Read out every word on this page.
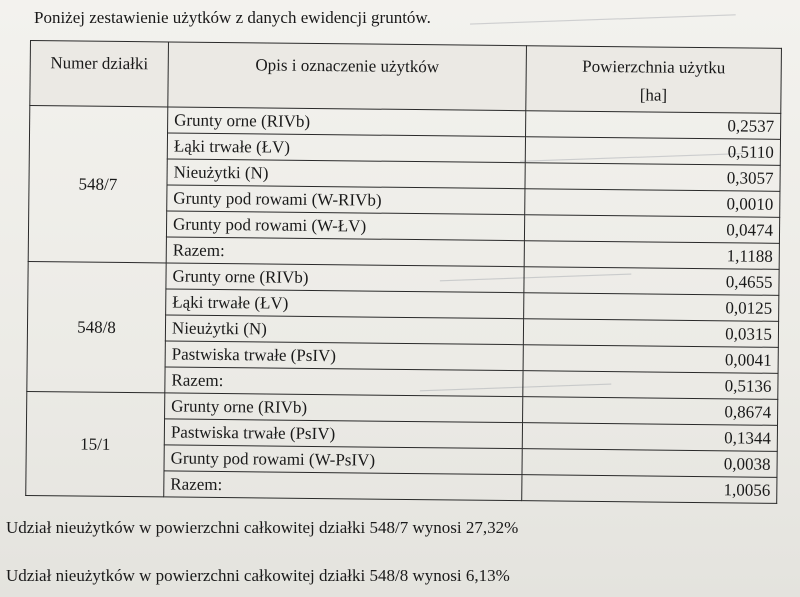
─────────────────────────
─────────────────────
──────────────────
──────────────────
Poniżej zestawienie użytków z danych ewidencji gruntów.
Numer działki	Opis i oznaczenie użytków	Powierzchnia użytku
[ha]

548/7	Grunty orne (RIVb)	0,2537
	Łąki trwałe (ŁV)	0,5110
	Nieużytki (N)	0,3057
	Grunty pod rowami (W-RIVb)	0,0010
	Grunty pod rowami (W-ŁV)	0,0474
	Razem:	1,1188
548/8	Grunty orne (RIVb)	0,4655
	Łąki trwałe (ŁV)	0,0125
	Nieużytki (N)	0,0315
	Pastwiska trwałe (PsIV)	0,0041
	Razem:	0,5136
15/1	Grunty orne (RIVb)	0,8674
	Pastwiska trwałe (PsIV)	0,1344
	Grunty pod rowami (W-PsIV)	0,0038
	Razem:	1,0056
Udział nieużytków w powierzchni całkowitej działki 548/7 wynosi 27,32%
Udział nieużytków w powierzchni całkowitej działki 548/8 wynosi 6,13%
